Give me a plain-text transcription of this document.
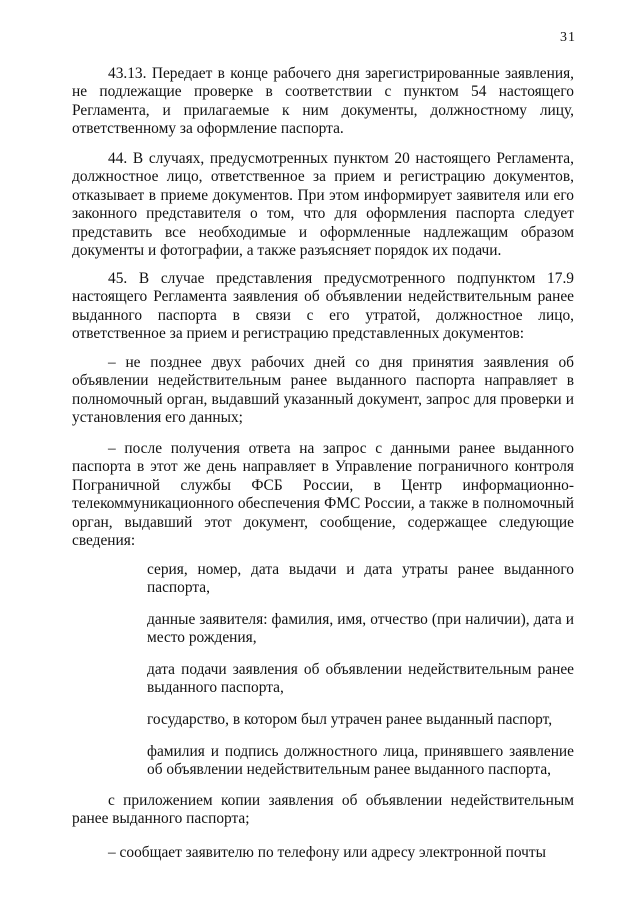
31

43.13. Передает в конце рабочего дня зарегистрированные заявления, не подлежащие проверке в соответствии с пунктом 54 настоящего Регламента, и прилагаемые к ним документы, должностному лицу, ответственному за оформление паспорта.

44. В случаях, предусмотренных пунктом 20 настоящего Регламента, должностное лицо, ответственное за прием и регистрацию документов, отказывает в приеме документов. При этом информирует заявителя или его законного представителя о том, что для оформления паспорта следует представить все необходимые и оформленные надлежащим образом документы и фотографии, а также разъясняет порядок их подачи.

45. В случае представления предусмотренного подпунктом 17.9 настоящего Регламента заявления об объявлении недействительным ранее выданного паспорта в связи с его утратой, должностное лицо, ответственное за прием и регистрацию представленных документов:

– не позднее двух рабочих дней со дня принятия заявления об объявлении недействительным ранее выданного паспорта направляет в полномочный орган, выдавший указанный документ, запрос для проверки и установления его данных;

– после получения ответа на запрос с данными ранее выданного паспорта в этот же день направляет в Управление пограничного контроля Пограничной службы ФСБ России, в Центр информационно-телекоммуникационного обеспечения ФМС России, а также в полномочный орган, выдавший этот документ, сообщение, содержащее следующие сведения:

серия, номер, дата выдачи и дата утраты ранее выданного паспорта,

данные заявителя: фамилия, имя, отчество (при наличии), дата и место рождения,

дата подачи заявления об объявлении недействительным ранее выданного паспорта,

государство, в котором был утрачен ранее выданный паспорт,

фамилия и подпись должностного лица, принявшего заявление об объявлении недействительным ранее выданного паспорта,

с приложением копии заявления об объявлении недействительным ранее выданного паспорта;

– сообщает заявителю по телефону или адресу электронной почты
